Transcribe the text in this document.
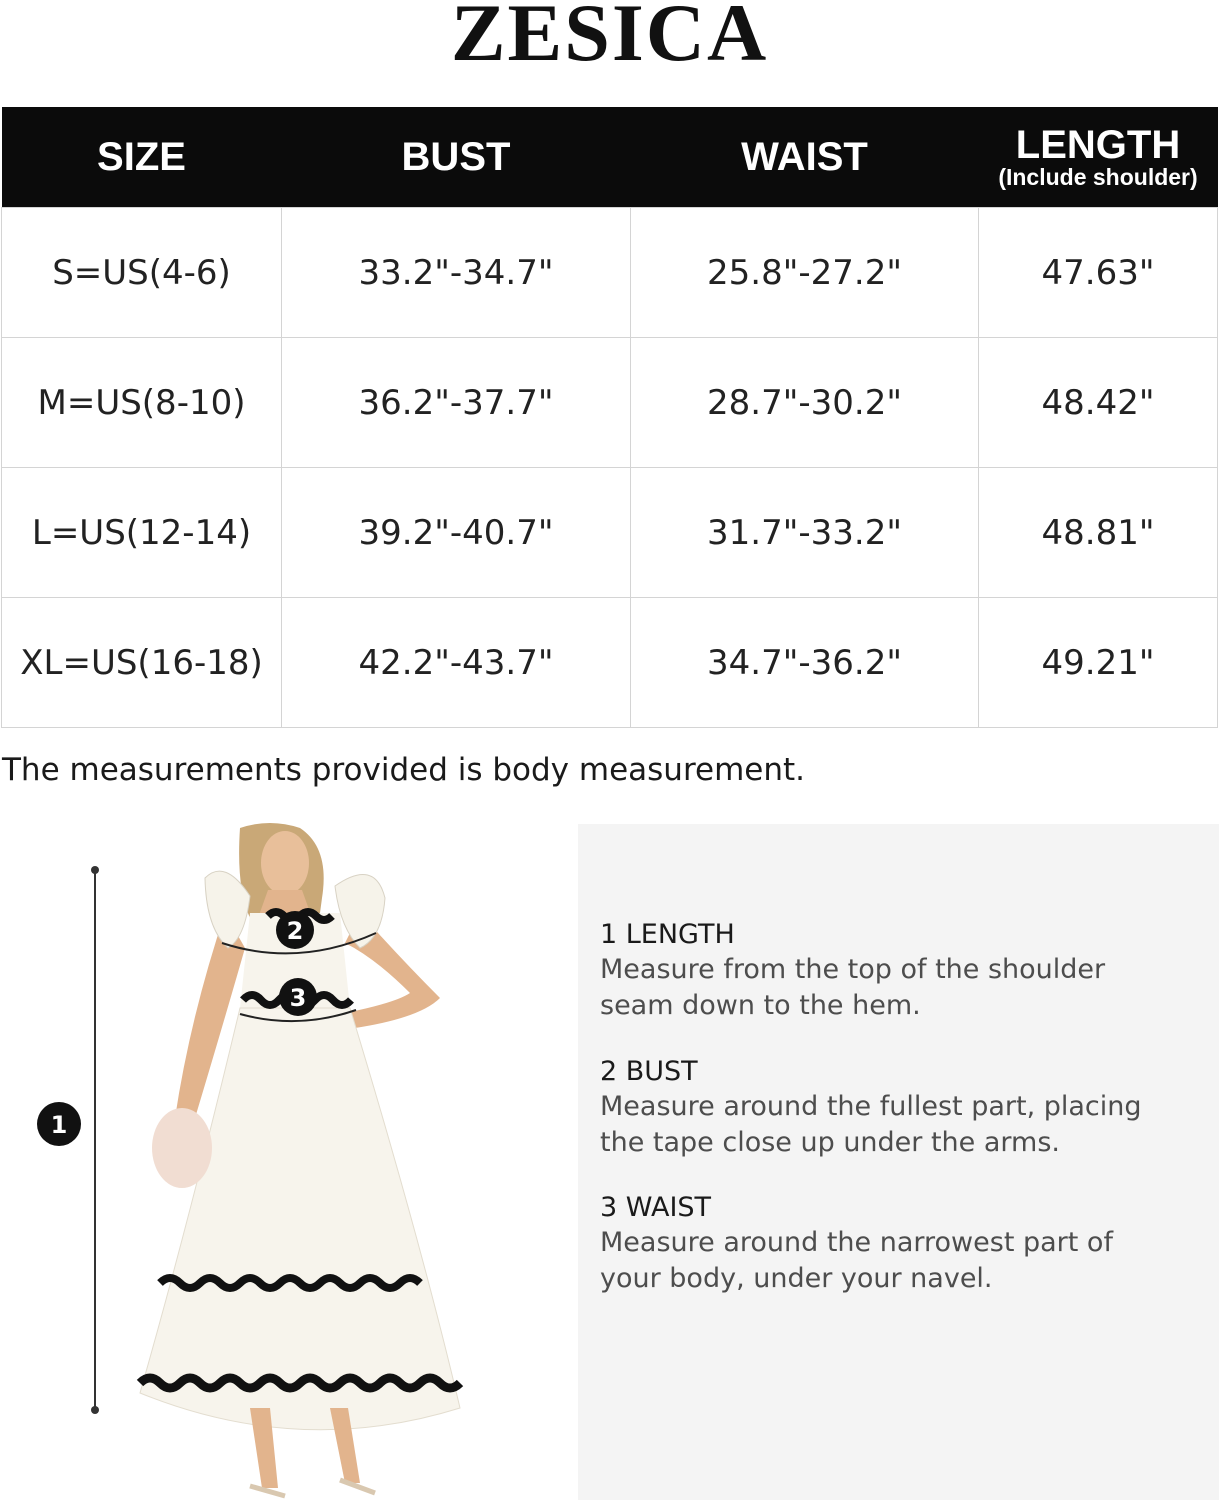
ZESICA
SIZE	BUST	WAIST	LENGTH
(Include shoulder)

S=US(4-6)	33.2"-34.7"	25.8"-27.2"	47.63"
M=US(8-10)	36.2"-37.7"	28.7"-30.2"	48.42"
L=US(12-14)	39.2"-40.7"	31.7"-33.2"	48.81"
XL=US(16-18)	42.2"-43.7"	34.7"-36.2"	49.21"
The measurements provided is body measurement.
2
3
1
1 LENGTH
Measure from the top of the shoulder
seam down to the hem.
2 BUST
Measure around the fullest part, placing
the tape close up under the arms.
3 WAIST
Measure around the narrowest part of
your body, under your navel.
